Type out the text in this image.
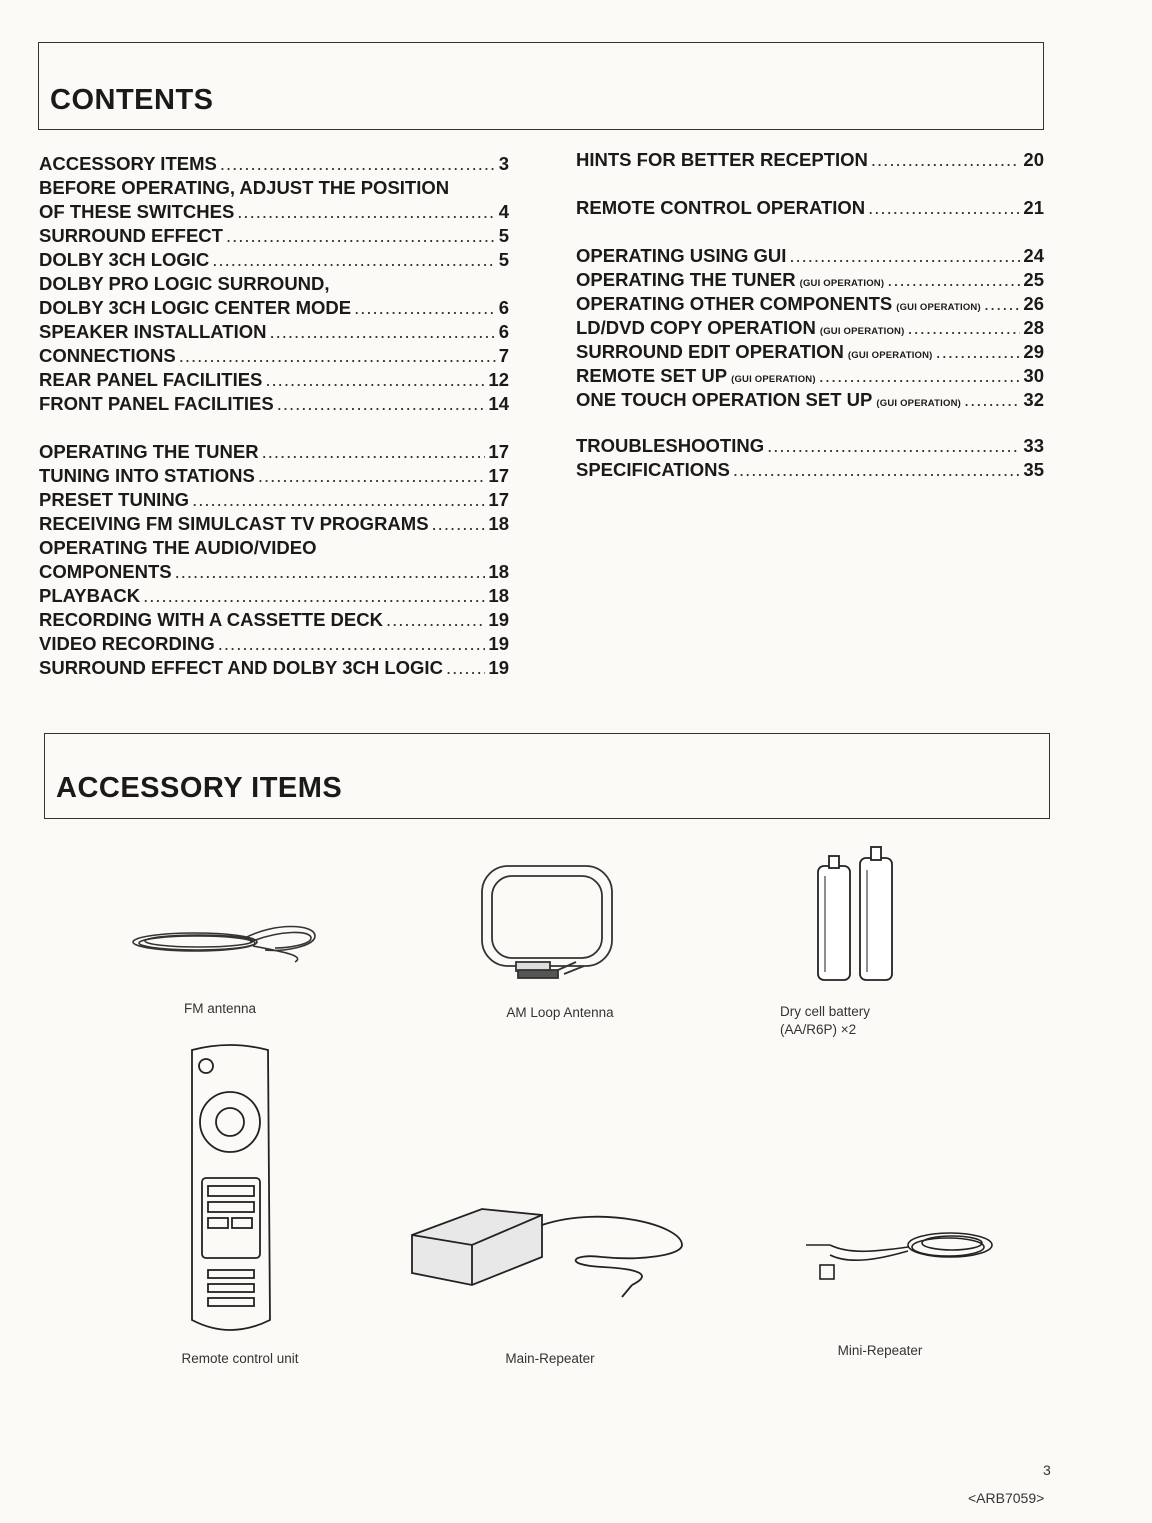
CONTENTS
ACCESSORY ITEMS .....	3
BEFORE OPERATING, ADJUST THE POSITION
OF THESE SWITCHES .....	4
SURROUND EFFECT .....	5
DOLBY 3CH LOGIC .....	5
DOLBY PRO LOGIC SURROUND,
DOLBY 3CH LOGIC CENTER MODE .....	6
SPEAKER INSTALLATION .....	6
CONNECTIONS .....	7
REAR PANEL FACILITIES .....	12
FRONT PANEL FACILITIES .....	14
OPERATING THE TUNER .....	17
TUNING INTO STATIONS .....	17
PRESET TUNING .....	17
RECEIVING FM SIMULCAST TV PROGRAMS .....	18
OPERATING THE AUDIO/VIDEO
COMPONENTS .....	18
PLAYBACK .....	18
RECORDING WITH A CASSETTE DECK .....	19
VIDEO RECORDING .....	19
SURROUND EFFECT AND DOLBY 3CH LOGIC ..... 19
HINTS FOR BETTER RECEPTION .....	20
REMOTE CONTROL OPERATION .....	21
OPERATING USING GUI .....	24
OPERATING THE TUNER (GUI OPERATION) .....	25
OPERATING OTHER COMPONENTS (GUI OPERATION) ..... 26
LD/DVD COPY OPERATION (GUI OPERATION) .....	28
SURROUND EDIT OPERATION (GUI OPERATION) .....	29
REMOTE SET UP (GUI OPERATION) .....	30
ONE TOUCH OPERATION SET UP (GUI OPERATION) .....	32
TROUBLESHOOTING .....	33
SPECIFICATIONS .....	35
ACCESSORY ITEMS
FM antenna	AM Loop Antenna	Dry cell battery
(AA/R6P) ×2
Remote control unit	Main-Repeater
Mini-Repeater
3
<ARB7059>
